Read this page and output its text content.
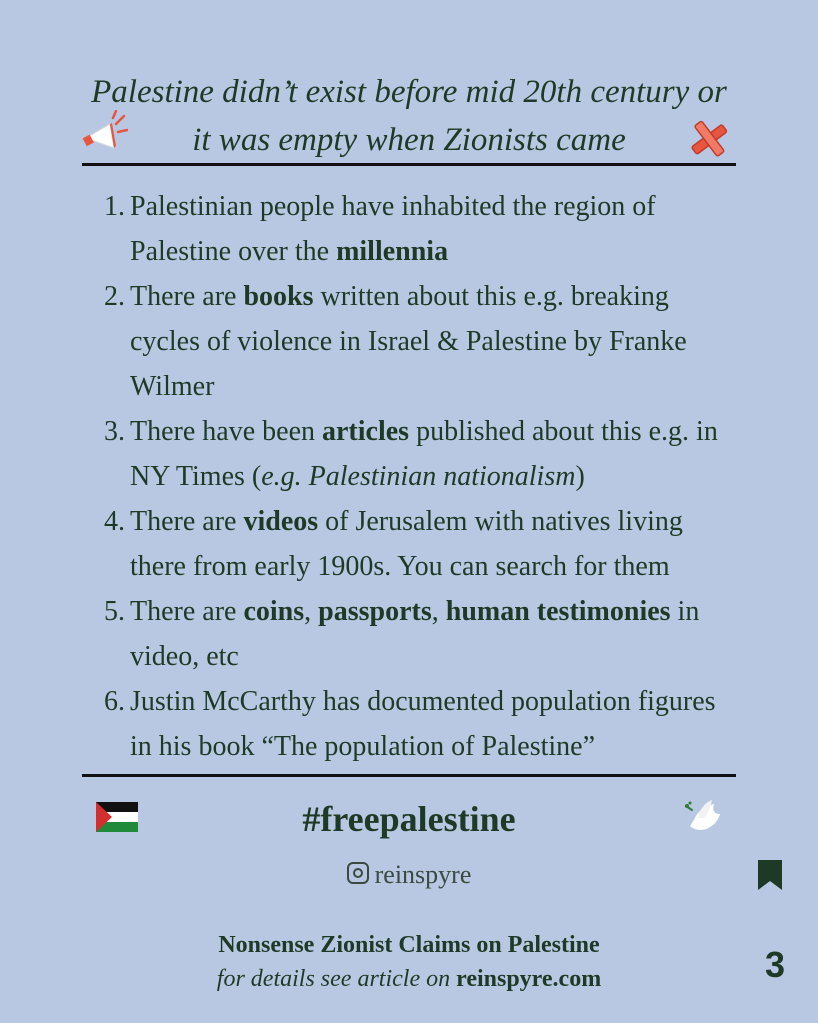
Palestine didn’t exist before mid 20th century or
it was empty when Zionists came
1. Palestinian people have inhabited the region of Palestine over the millennia
2. There are books written about this e.g. breaking cycles of violence in Israel & Palestine by Franke Wilmer
3. There have been articles published about this e.g. in NY Times (e.g. Palestinian nationalism)
4. There are videos of Jerusalem with natives living there from early 1900s. You can search for them
5. There are coins, passports, human testimonies in video, etc
6. Justin McCarthy has documented population figures in his book “The population of Palestine”
#freepalestine
reinspyre
Nonsense Zionist Claims on Palestine
for details see article on reinspyre.com	3
